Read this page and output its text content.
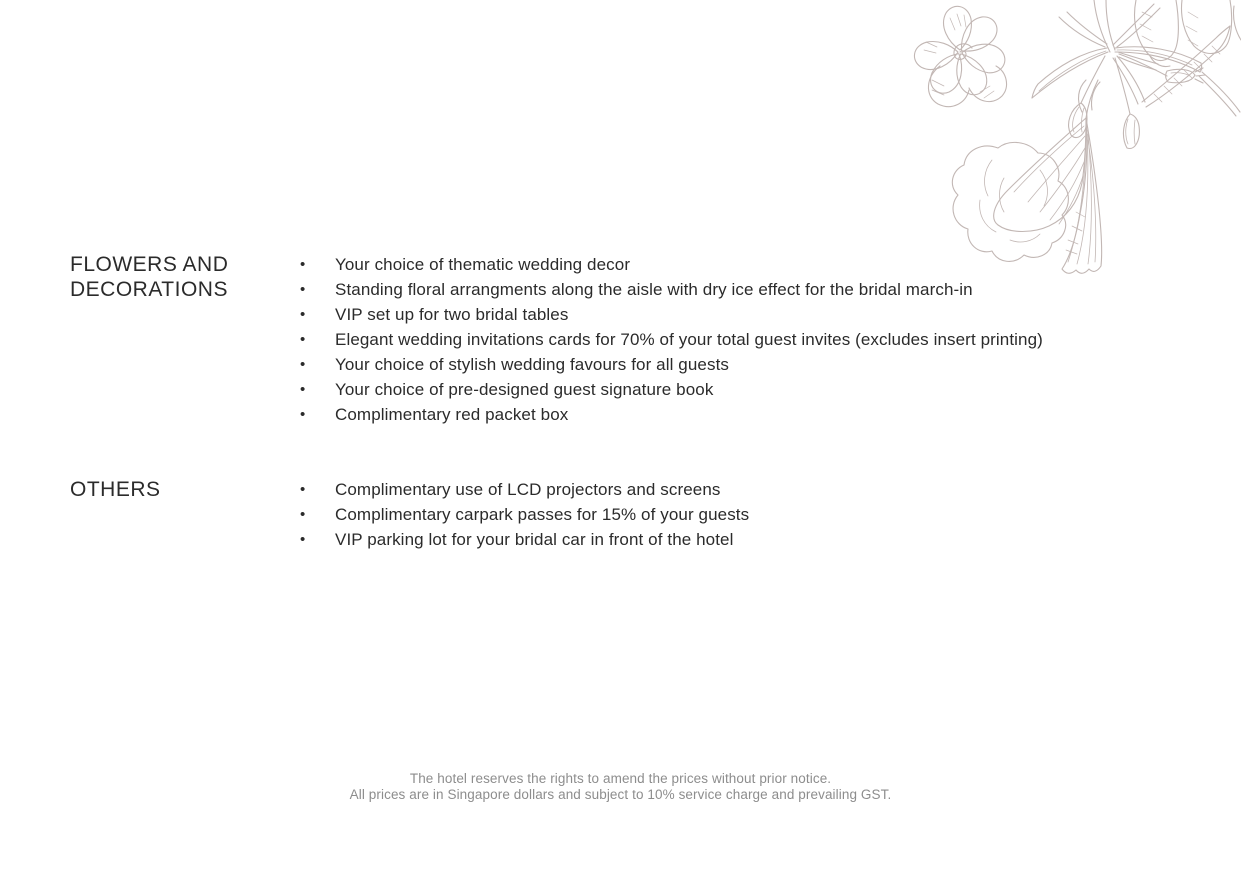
FLOWERS AND DECORATIONS
• Your choice of thematic wedding decor
• Standing floral arrangments along the aisle with dry ice effect for the bridal march-in
• VIP set up for two bridal tables
• Elegant wedding invitations cards for 70% of your total guest invites (excludes insert printing)
• Your choice of stylish wedding favours for all guests
• Your choice of pre-designed guest signature book
• Complimentary red packet box
OTHERS	• Complimentary use of LCD projectors and screens
• Complimentary carpark passes for 15% of your guests
• VIP parking lot for your bridal car in front of the hotel

The hotel reserves the rights to amend the prices without prior notice.

All prices are in Singapore dollars and subject to 10% service charge and prevailing GST.
